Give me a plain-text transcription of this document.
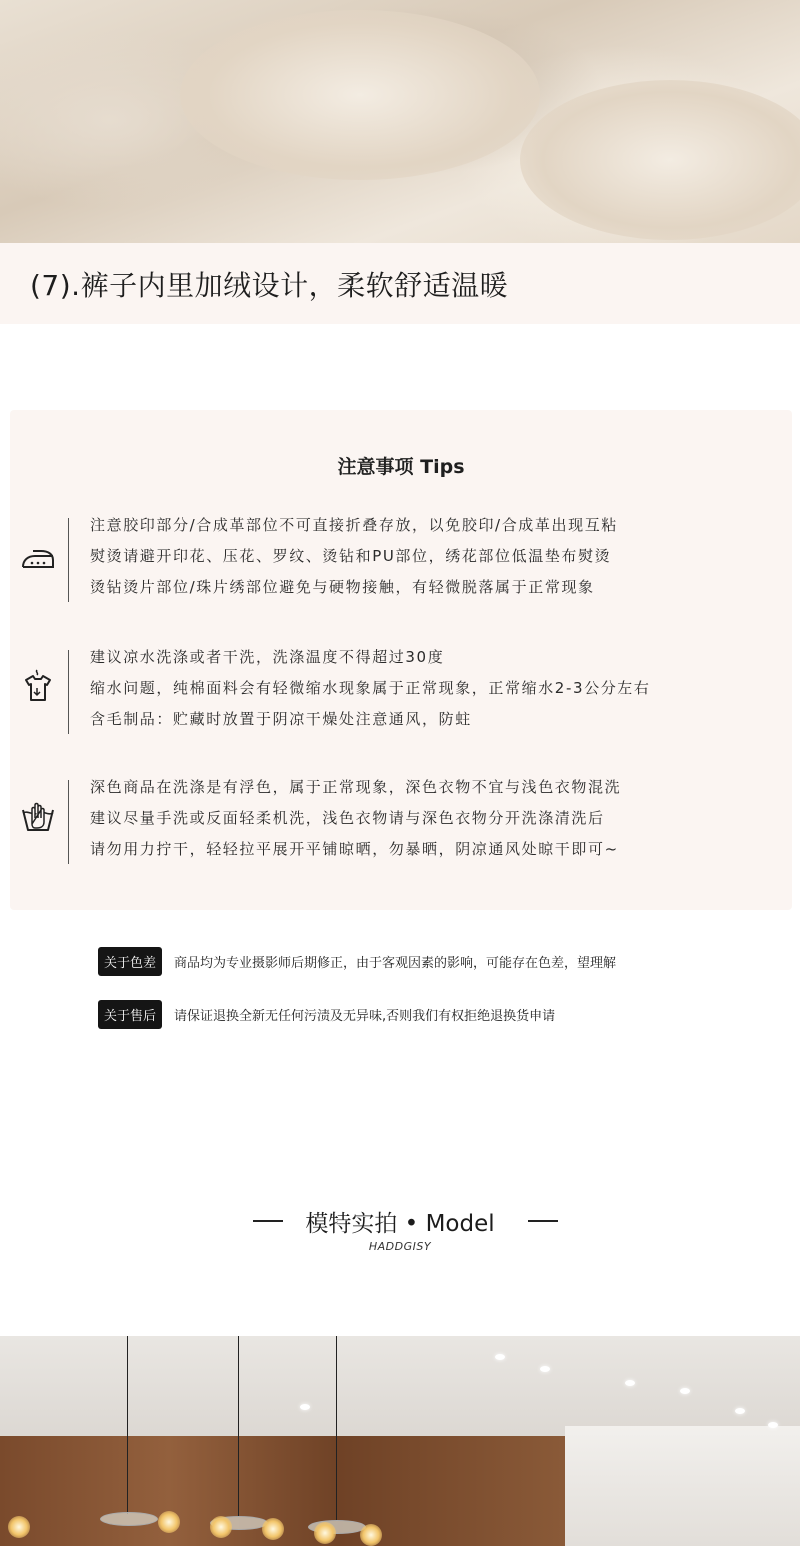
(7).裤子内里加绒设计，柔软舒适温暖
注意事项 Tips
注意胶印部分/合成革部位不可直接折叠存放，以免胶印/合成革出现互粘
熨烫请避开印花、压花、罗纹、烫钻和PU部位，绣花部位低温垫布熨烫
烫钻烫片部位/珠片绣部位避免与硬物接触，有轻微脱落属于正常现象
建议凉水洗涤或者干洗，洗涤温度不得超过30度
缩水问题，纯棉面料会有轻微缩水现象属于正常现象，正常缩水2-3公分左右
含毛制品：贮藏时放置于阴凉干燥处注意通风，防蛀
深色商品在洗涤是有浮色，属于正常现象，深色衣物不宜与浅色衣物混洗
建议尽量手洗或反面轻柔机洗，浅色衣物请与深色衣物分开洗涤清洗后
请勿用力拧干，轻轻拉平展开平铺晾晒，勿暴晒，阴凉通风处晾干即可~
关于色差	商品均为专业摄影师后期修正，由于客观因素的影响，可能存在色差，望理解
关于售后	请保证退换全新无任何污渍及无异味,否则我们有权拒绝退换货申请
模特实拍 • Model
HADDGISY
